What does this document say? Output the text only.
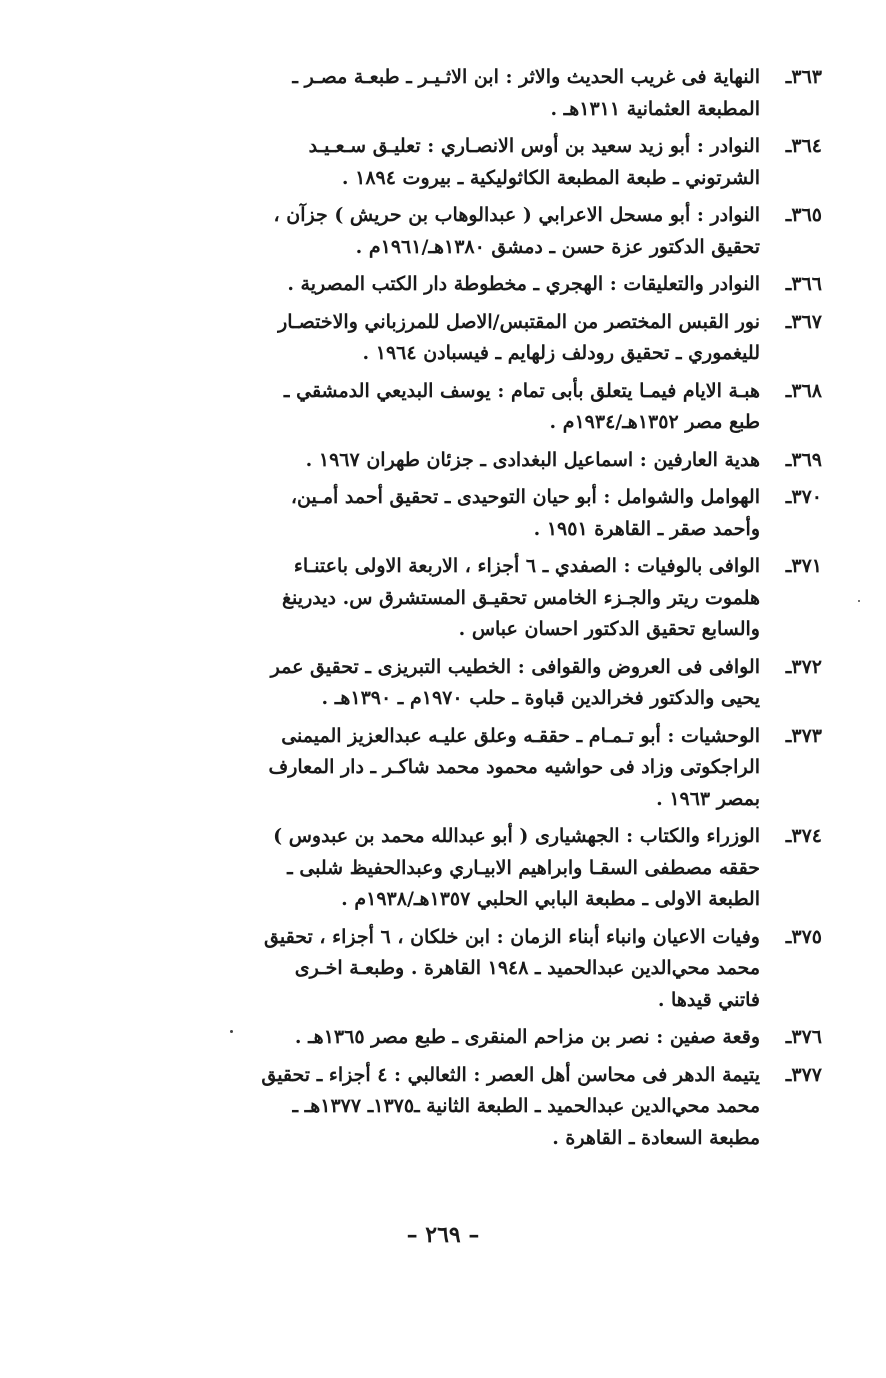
٣٦٣ـ
النهاية فى غريب الحديث والاثر : ابن الاثـيـر ـ طبعـة مصـر ـ
المطبعة العثمانية ١٣١١هـ .
٣٦٤ـ
النوادر : أبو زيد سعيد بن أوس الانصـاري : تعليـق سـعـيـد
الشرتوني ـ طبعة المطبعة الكاثوليكية ـ بيروت ١٨٩٤ .
٣٦٥ـ
النوادر : أبو مسحل الاعرابي ( عبدالوهاب بن حريش ) جزآن ،
تحقيق الدكتور عزة حسن ـ دمشق ١٣٨٠هـ/١٩٦١م .
٣٦٦ـ
النوادر والتعليقات : الهجري ـ مخطوطة دار الكتب المصرية .
٣٦٧ـ
نور القبس المختصر من المقتبس/الاصل للمرزباني والاختصـار
لليغموري ـ تحقيق رودلف زلهايم ـ فيسبادن ١٩٦٤ .
٣٦٨ـ
هبـة الايام فيمـا يتعلق بأبى تمام : يوسف البديعي الدمشقي ـ
طبع مصر ١٣٥٢هـ/١٩٣٤م .
٣٦٩ـ
هدية العارفين : اسماعيل البغدادى ـ جزئان طهران ١٩٦٧ .
٣٧٠ـ
الهوامل والشوامل : أبو حيان التوحيدى ـ تحقيق أحمد أمـين،
وأحمد صقر ـ القاهرة ١٩٥١ .
٣٧١ـ
الوافى بالوفيات : الصفدي ـ ٦ أجزاء ، الاربعة الاولى باعتنـاء
هلموت ريتر والجـزء الخامس تحقيـق المستشرق س. ديدرينغ
والسابع تحقيق الدكتور احسان عباس .
٣٧٢ـ
الوافى فى العروض والقوافى : الخطيب التبريزى ـ تحقيق عمر
يحيى والدكتور فخرالدين قباوة ـ حلب ١٩٧٠م ـ ١٣٩٠هـ .
٣٧٣ـ
الوحشيات : أبو تـمـام ـ حققـه وعلق عليـه عبدالعزيز الميمنى
الراجكوتى وزاد فى حواشيه محمود محمد شاكـر ـ دار المعارف
بمصر ١٩٦٣ .
٣٧٤ـ
الوزراء والكتاب : الجهشيارى ( أبو عبدالله محمد بن عبدوس )
حققه مصطفى السقـا وابراهيم الابيـاري وعبدالحفيظ شلبى ـ
الطبعة الاولى ـ مطبعة البابي الحلبي ١٣٥٧هـ/١٩٣٨م .
٣٧٥ـ
وفيات الاعيان وانباء أبناء الزمان : ابن خلكان ، ٦ أجزاء ، تحقيق
محمد محي‌الدين عبدالحميد ـ ١٩٤٨ القاهرة . وطبعـة اخـرى
فاتني قيدها .
٣٧٦ـ
وقعة صفين : نصر بن مزاحم المنقرى ـ طبع مصر ١٣٦٥هـ .
٣٧٧ـ
يتيمة الدهر فى محاسن أهل العصر : الثعالبي : ٤ أجزاء ـ تحقيق
محمد محي‌الدين عبدالحميد ـ الطبعة الثانية ـ١٣٧٥ـ ١٣٧٧هـ ـ
مطبعة السعادة ـ القاهرة .
– ٢٦٩ –
